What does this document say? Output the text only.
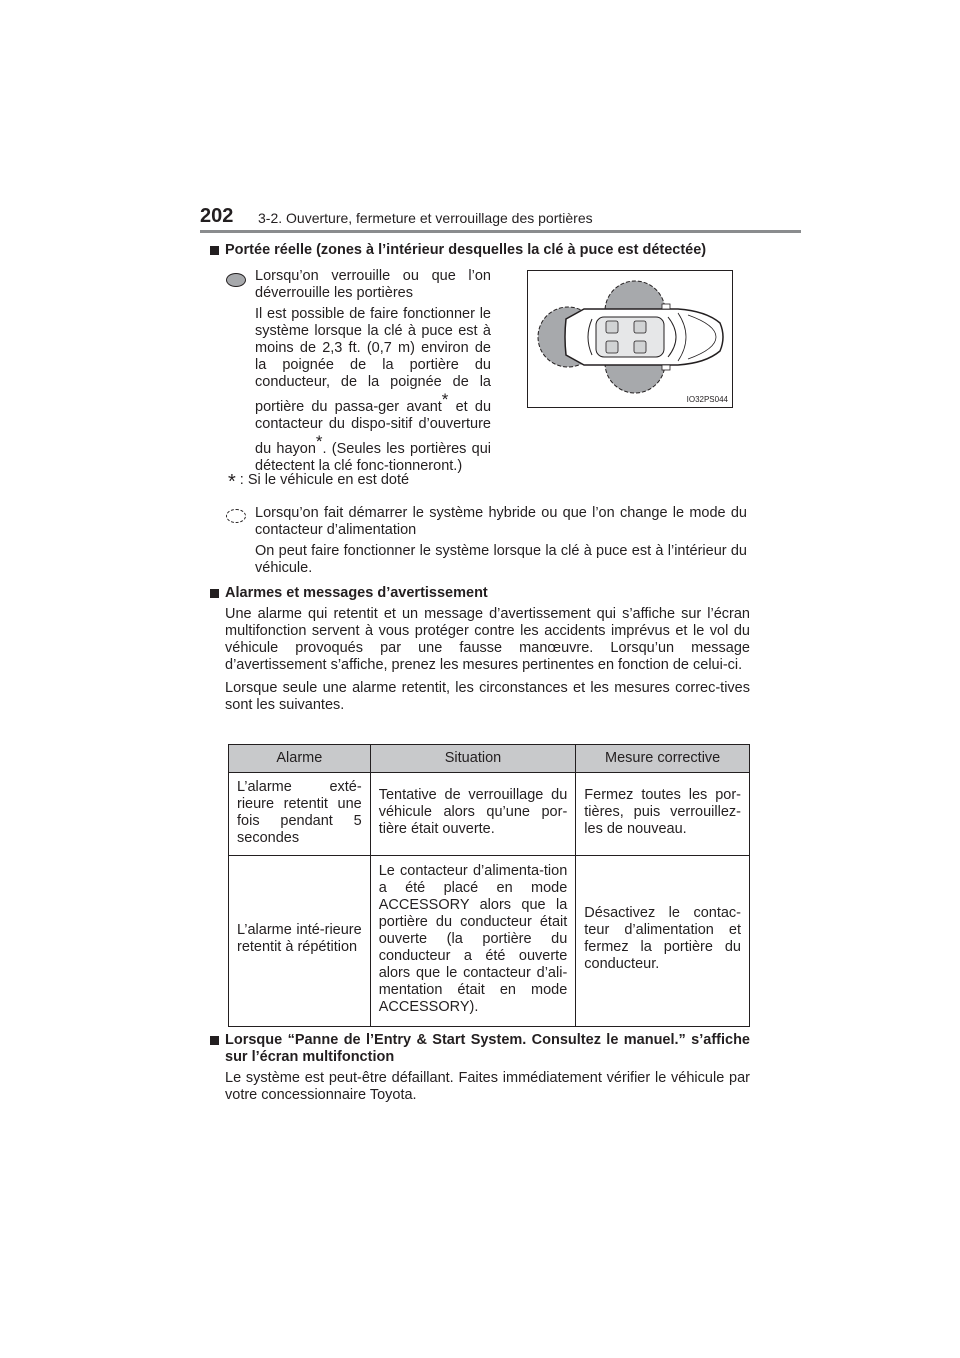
202 3-2. Ouverture, fermeture et verrouillage des portières
Portée réelle (zones à l’intérieur desquelles la clé à puce est détectée)

Lorsqu’on verrouille ou que l’on déverrouille les portières

Il est possible de faire fonctionner le système lorsque la clé à puce est à moins de 2,3 ft. (0,7 m) environ de la poignée de la portière du conducteur, de la poignée de la portière du passa-ger avant* et du contacteur du dispo-sitif d’ouverture du hayon*. (Seules les portières qui détectent la clé fonc-tionneront.)

IO32PS044
* : Si le véhicule en est doté

Lorsqu’on fait démarrer le système hybride ou que l’on change le mode du contacteur d’alimentation

On peut faire fonctionner le système lorsque la clé à puce est à l’intérieur du véhicule.

Alarmes et messages d’avertissement

Une alarme qui retentit et un message d’avertissement qui s’affiche sur l’écran multifonction servent à vous protéger contre les accidents imprévus et le vol du véhicule provoqués par une fausse manœuvre. Lorsqu’un message d’avertissement s’affiche, prenez les mesures pertinentes en fonction de celui-ci.

Lorsque seule une alarme retentit, les circonstances et les mesures correc-tives sont les suivantes.

Alarme	Situation	Mesure corrective
L’alarme exté-rieure retentit une fois pendant 5 secondes	Tentative de verrouillage du véhicule alors qu’une por-tière était ouverte.	Fermez toutes les por-tières, puis verrouillez-les de nouveau.
L’alarme inté-rieure retentit à répétition	Le contacteur d’alimenta-tion a été placé en mode ACCESSORY alors que la portière du conducteur était ouverte (la portière du conducteur a été ouverte alors que le contacteur d’ali-mentation était en mode ACCESSORY).	Désactivez le contac-teur d’alimentation et fermez la portière du conducteur.
Lorsque “Panne de l’Entry & Start System. Consultez le manuel.” s’affiche sur l’écran multifonction

Le système est peut-être défaillant. Faites immédiatement vérifier le véhicule par votre concessionnaire Toyota.
